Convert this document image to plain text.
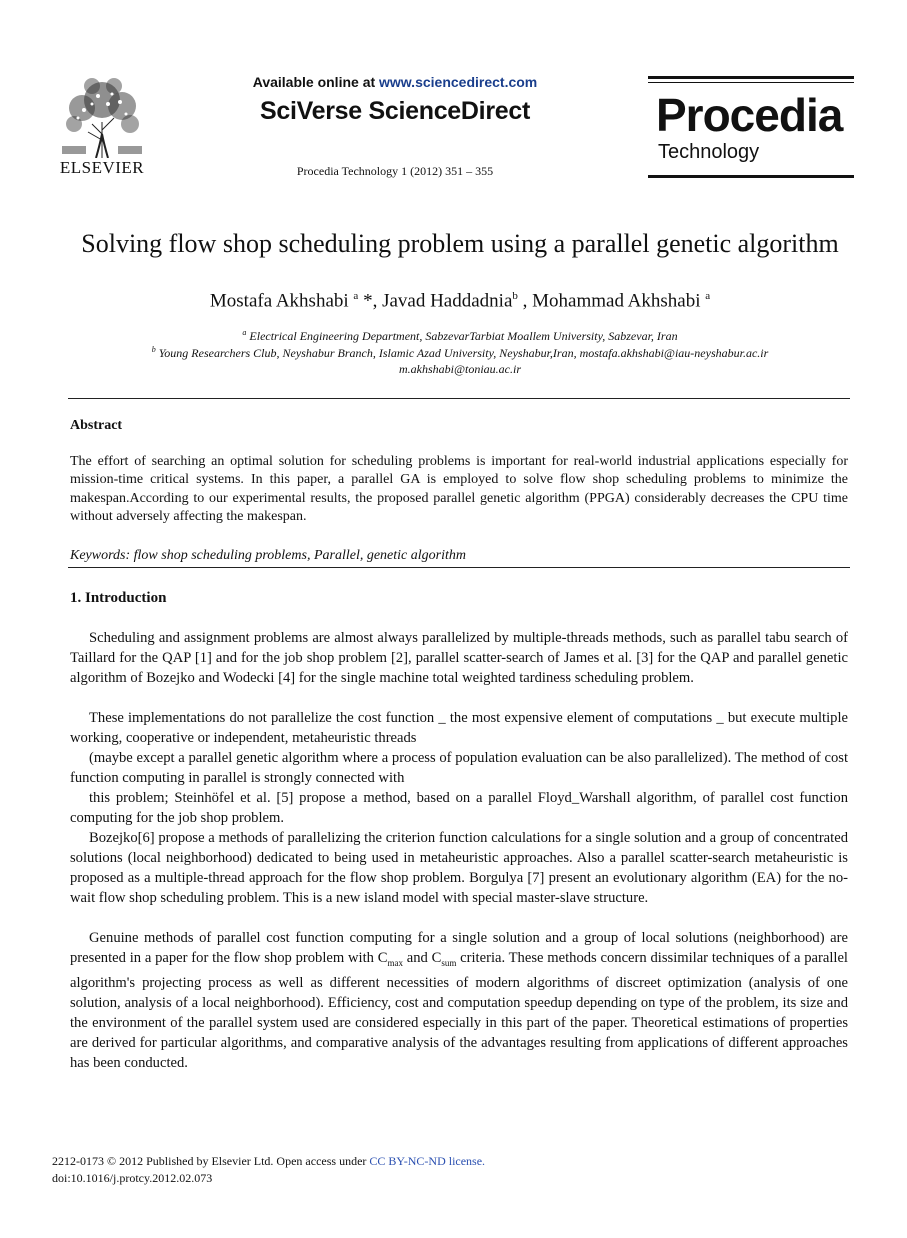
ELSEVIER
Available online at www.sciencedirect.com
SciVerse ScienceDirect
Procedia Technology 1 (2012) 351 – 355
Procedia
Technology
Solving flow shop scheduling problem using a parallel genetic algorithm
Mostafa Akhshabi $^a$ *, Javad Haddadnia$^b$ , Mohammad Akhshabi $^a$
$^a$ Electrical Engineering Department, SabzevarTarbiat Moallem University, Sabzevar, Iran
$^b$ Young Researchers Club, Neyshabur Branch, Islamic Azad University, Neyshabur,Iran, mostafa.akhshabi@iau-neyshabur.ac.ir
m.akhshabi@toniau.ac.ir
Abstract
The effort of searching an optimal solution for scheduling problems is important for real-world industrial applications especially for mission-time critical systems. In this paper, a parallel GA is employed to solve flow shop scheduling problems to minimize the makespan.According to our experimental results, the proposed parallel genetic algorithm (PPGA) considerably decreases the CPU time without adversely affecting the makespan.
Keywords: flow shop scheduling problems, Parallel, genetic algorithm
1. Introduction
Scheduling and assignment problems are almost always parallelized by multiple-threads methods, such as parallel tabu search of Taillard for the QAP [1] and for the job shop problem [2], parallel scatter-search of James et al. [3] for the QAP and parallel genetic algorithm of Bozejko and Wodecki [4] for the single machine total weighted tardiness scheduling problem.
These implementations do not parallelize the cost function _ the most expensive element of computations _ but execute multiple working, cooperative or independent, metaheuristic threads
(maybe except a parallel genetic algorithm where a process of population evaluation can be also parallelized). The method of cost function computing in parallel is strongly connected with
this problem; Steinhöfel et al. [5] propose a method, based on a parallel Floyd_Warshall algorithm, of parallel cost function computing for the job shop problem.
Bozejko[6] propose a methods of parallelizing the criterion function calculations for a single solution and a group of concentrated solutions (local neighborhood) dedicated to being used in metaheuristic approaches. Also a parallel scatter-search metaheuristic is proposed as a multiple-thread approach for the flow shop problem. Borgulya [7] present an evolutionary algorithm (EA) for the no-wait flow shop scheduling problem. This is a new island model with special master-slave structure.
Genuine methods of parallel cost function computing for a single solution and a group of local solutions (neighborhood) are presented in a paper for the flow shop problem with $C_{max}$ and $C_{sum}$ criteria. These methods concern dissimilar techniques of a parallel algorithm's projecting process as well as different necessities of modern algorithms of discreet optimization (analysis of one solution, analysis of a local neighborhood). Efficiency, cost and computation speedup depending on type of the problem, its size and the environment of the parallel system used are considered especially in this part of the paper. Theoretical estimations of properties are derived for particular algorithms, and comparative analysis of the advantages resulting from applications of different approaches has been conducted.
2212-0173 © 2012 Published by Elsevier Ltd. Open access under CC BY-NC-ND license.
doi:10.1016/j.protcy.2012.02.073
